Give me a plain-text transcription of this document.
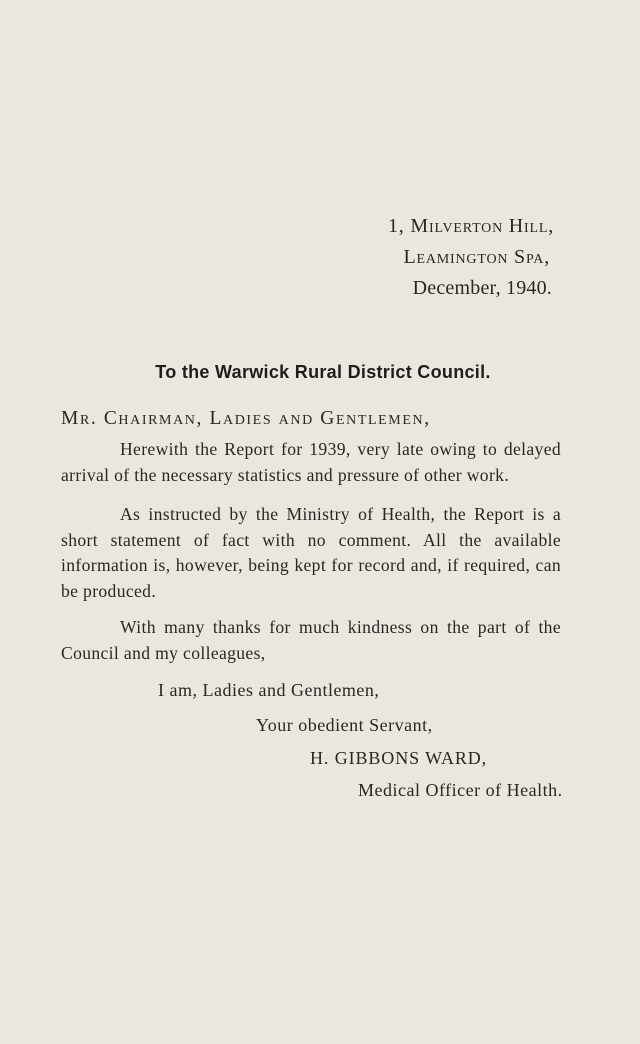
1, Milverton Hill,
Leamington Spa,
December, 1940.
To the Warwick Rural District Council.
Mr. Chairman, Ladies and Gentlemen,

Herewith the Report for 1939, very late owing to delayed arrival of the necessary statistics and pressure of other work.

As instructed by the Ministry of Health, the Report is a short statement of fact with no comment. All the available information is, however, being kept for record and, if required, can be produced.

With many thanks for much kindness on the part of the Council and my colleagues,

I am, Ladies and Gentlemen,
Your obedient Servant,
H. GIBBONS WARD,
Medical Officer of Health.
